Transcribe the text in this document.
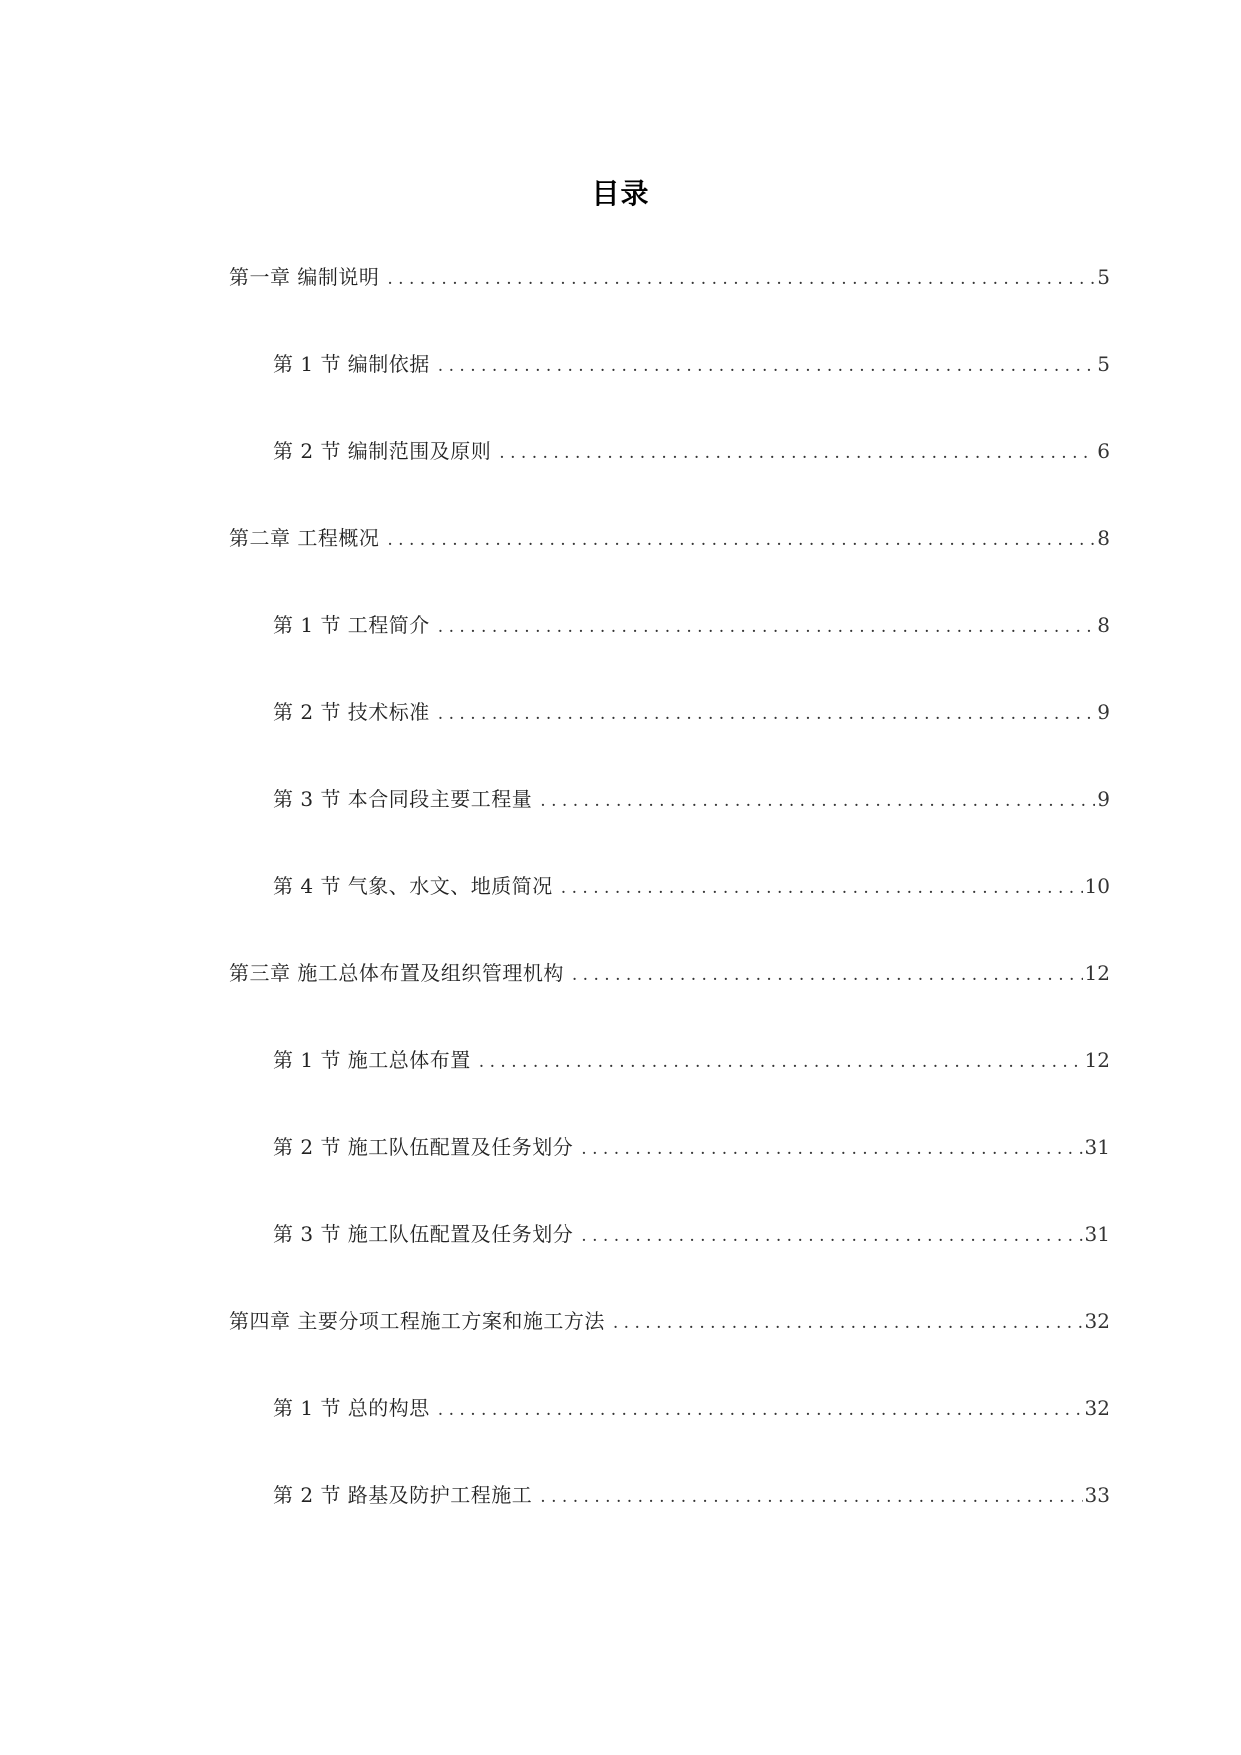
目录
第一章 编制说明 . . .	5
第 1 节 编制依据 . . .	5
第 2 节 编制范围及原则 . . .	6
第二章 工程概况 . . .	8
第 1 节 工程简介 . . .	8
第 2 节 技术标准 . . .	9
第 3 节 本合同段主要工程量 . . .	9
第 4 节 气象、水文、地质简况 . . .	10
第三章 施工总体布置及组织管理机构 . . .	12
第 1 节 施工总体布置 . . .	12
第 2 节 施工队伍配置及任务划分 . . .	31
第 3 节 施工队伍配置及任务划分 . . .	31
第四章 主要分项工程施工方案和施工方法 . . .	32
第 1 节 总的构思 . . .	32
第 2 节 路基及防护工程施工 . . .	33
